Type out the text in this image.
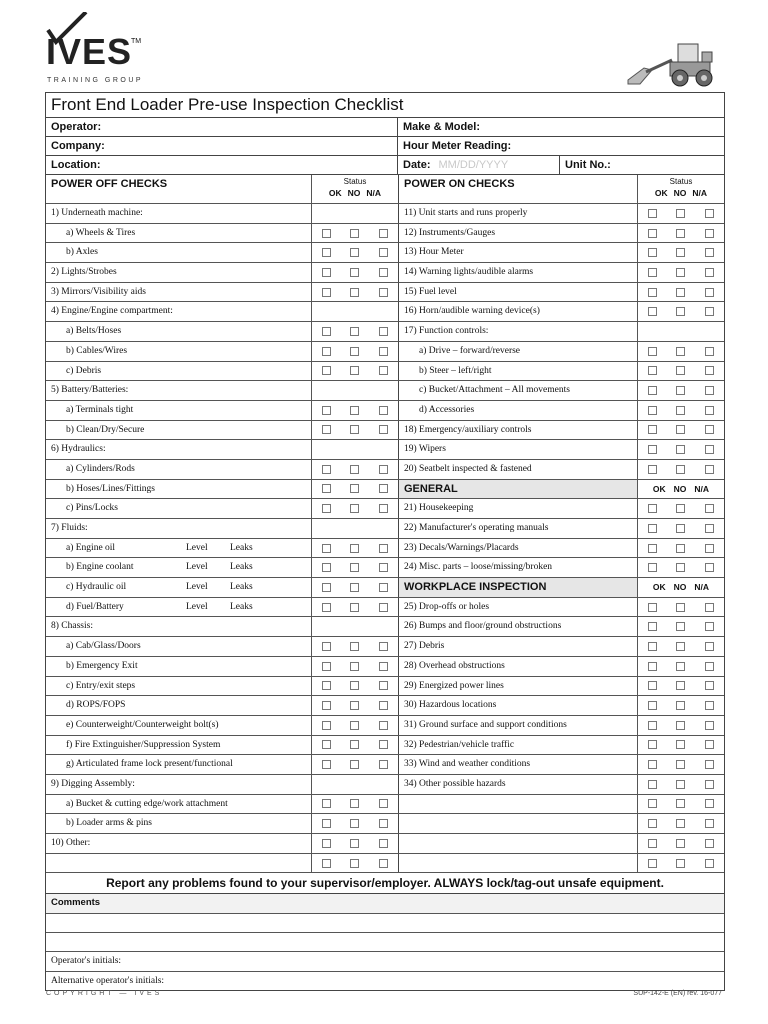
IVES
TM
TRAINING GROUP
Front End Loader Pre-use Inspection Checklist
Operator:	Make & Model:
Company:	Hour Meter Reading:
Location:	Date: MM/DD/YYYY	Unit No.:
POWER OFF CHECKS	Status
OK NO N/A
POWER ON CHECKS	Status
OK NO N/A
1) Underneath machine:	11) Unit starts and runs properly
a) Wheels & Tires	12) Instruments/Gauges
b) Axles	13) Hour Meter
2) Lights/Strobes	14) Warning lights/audible alarms
3) Mirrors/Visibility aids	15) Fuel level
4) Engine/Engine compartment:	16) Horn/audible warning device(s)
a) Belts/Hoses	17) Function controls:
b) Cables/Wires	a) Drive – forward/reverse
c) Debris	b) Steer – left/right
5) Battery/Batteries:	c) Bucket/Attachment – All movements
a) Terminals tight	d) Accessories
b) Clean/Dry/Secure	18) Emergency/auxiliary controls
6) Hydraulics:	19) Wipers
a) Cylinders/Rods	20) Seatbelt inspected & fastened
b) Hoses/Lines/Fittings	GENERAL	OK NO N/A
c) Pins/Locks	21) Housekeeping
7) Fluids:	22) Manufacturer's operating manuals
a) Engine oil	Level Leaks	23) Decals/Warnings/Placards
b) Engine coolant	Level Leaks	24) Misc. parts – loose/missing/broken
c) Hydraulic oil	Level Leaks	WORKPLACE INSPECTION	OK NO N/A
d) Fuel/Battery	Level Leaks	25) Drop-offs or holes
8) Chassis:	26) Bumps and floor/ground obstructions
a) Cab/Glass/Doors	27) Debris
b) Emergency Exit	28) Overhead obstructions
c) Entry/exit steps	29) Energized power lines
d) ROPS/FOPS	30) Hazardous locations
e) Counterweight/Counterweight bolt(s)	31) Ground surface and support conditions
f) Fire Extinguisher/Suppression System	32) Pedestrian/vehicle traffic
g) Articulated frame lock present/functional	33) Wind and weather conditions
9) Digging Assembly:	34) Other possible hazards
a) Bucket & cutting edge/work attachment
b) Loader arms & pins
10) Other:
Report any problems found to your supervisor/employer. ALWAYS lock/tag-out unsafe equipment.
Comments
Operator's initials:
Alternative operator's initials:
COPYRIGHT — IVES	SUP-142-E (EN) rev. 16-077
